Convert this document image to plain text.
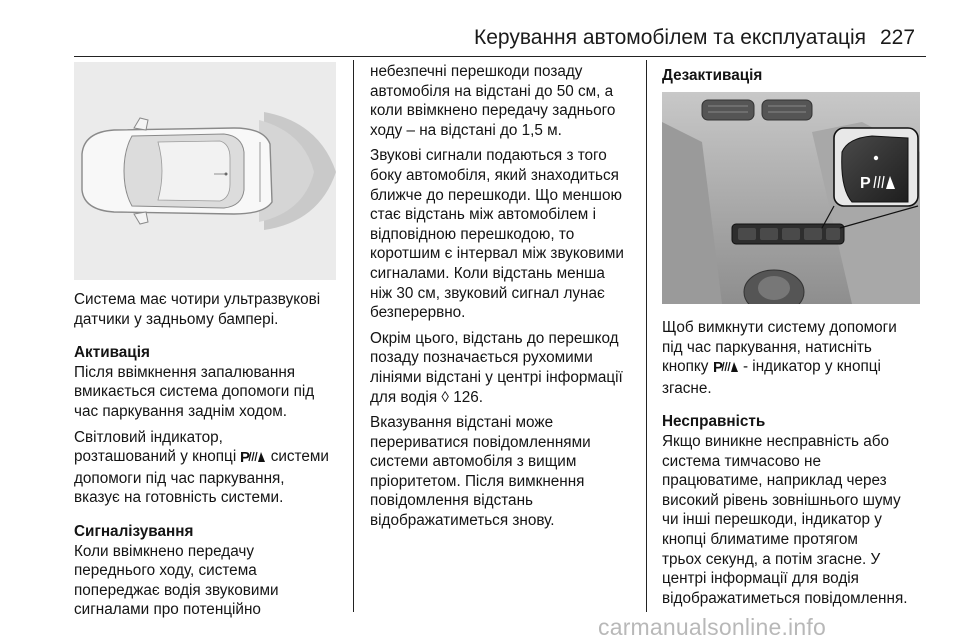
Керування автомобілем та експлуатація 227

Система має чотири ультразвукові

датчики у задньому бампері.

Активація

Після ввімкнення запалювання

вмикається система допомоги під

час паркування заднім ходом.

Світловий індикатор,

розташований у кнопці P системи

допомоги під час паркування,

вказує на готовність системи.

Сигналізування

Коли ввімкнено передачу

переднього ходу, система

попереджає водія звуковими

сигналами про потенційно

небезпечні перешкоди позаду

автомобіля на відстані до 50 см, а

коли ввімкнено передачу заднього

ходу – на відстані до 1,5 м.

Звукові сигнали подаються з того

боку автомобіля, який знаходиться

ближче до перешкоди. Що меншою

стає відстань між автомобілем і

відповідною перешкодою, то

коротшим є інтервал між звуковими

сигналами. Коли відстань менша

ніж 30 см, звуковий сигнал лунає

безперервно.

Окрім цього, відстань до перешкод

позаду позначається рухомими

лініями відстані у центрі інформації

для водія ◊ 126.

Вказування відстані може

перериватися повідомленнями

системи автомобіля з вищим

пріоритетом. Після вимкнення

повідомлення відстань

відображатиметься знову.

Дезактивація
P

Щоб вимкнути систему допомоги

під час паркування, натисніть

кнопку P - індикатор у кнопці

згасне.

Несправність

Якщо виникне несправність або

система тимчасово не

працюватиме, наприклад через

високий рівень зовнішнього шуму

чи інші перешкоди, індикатор у

кнопці блиматиме протягом

трьох секунд, а потім згасне. У

центрі інформації для водія

відображатиметься повідомлення.

carmanualsonline.info
